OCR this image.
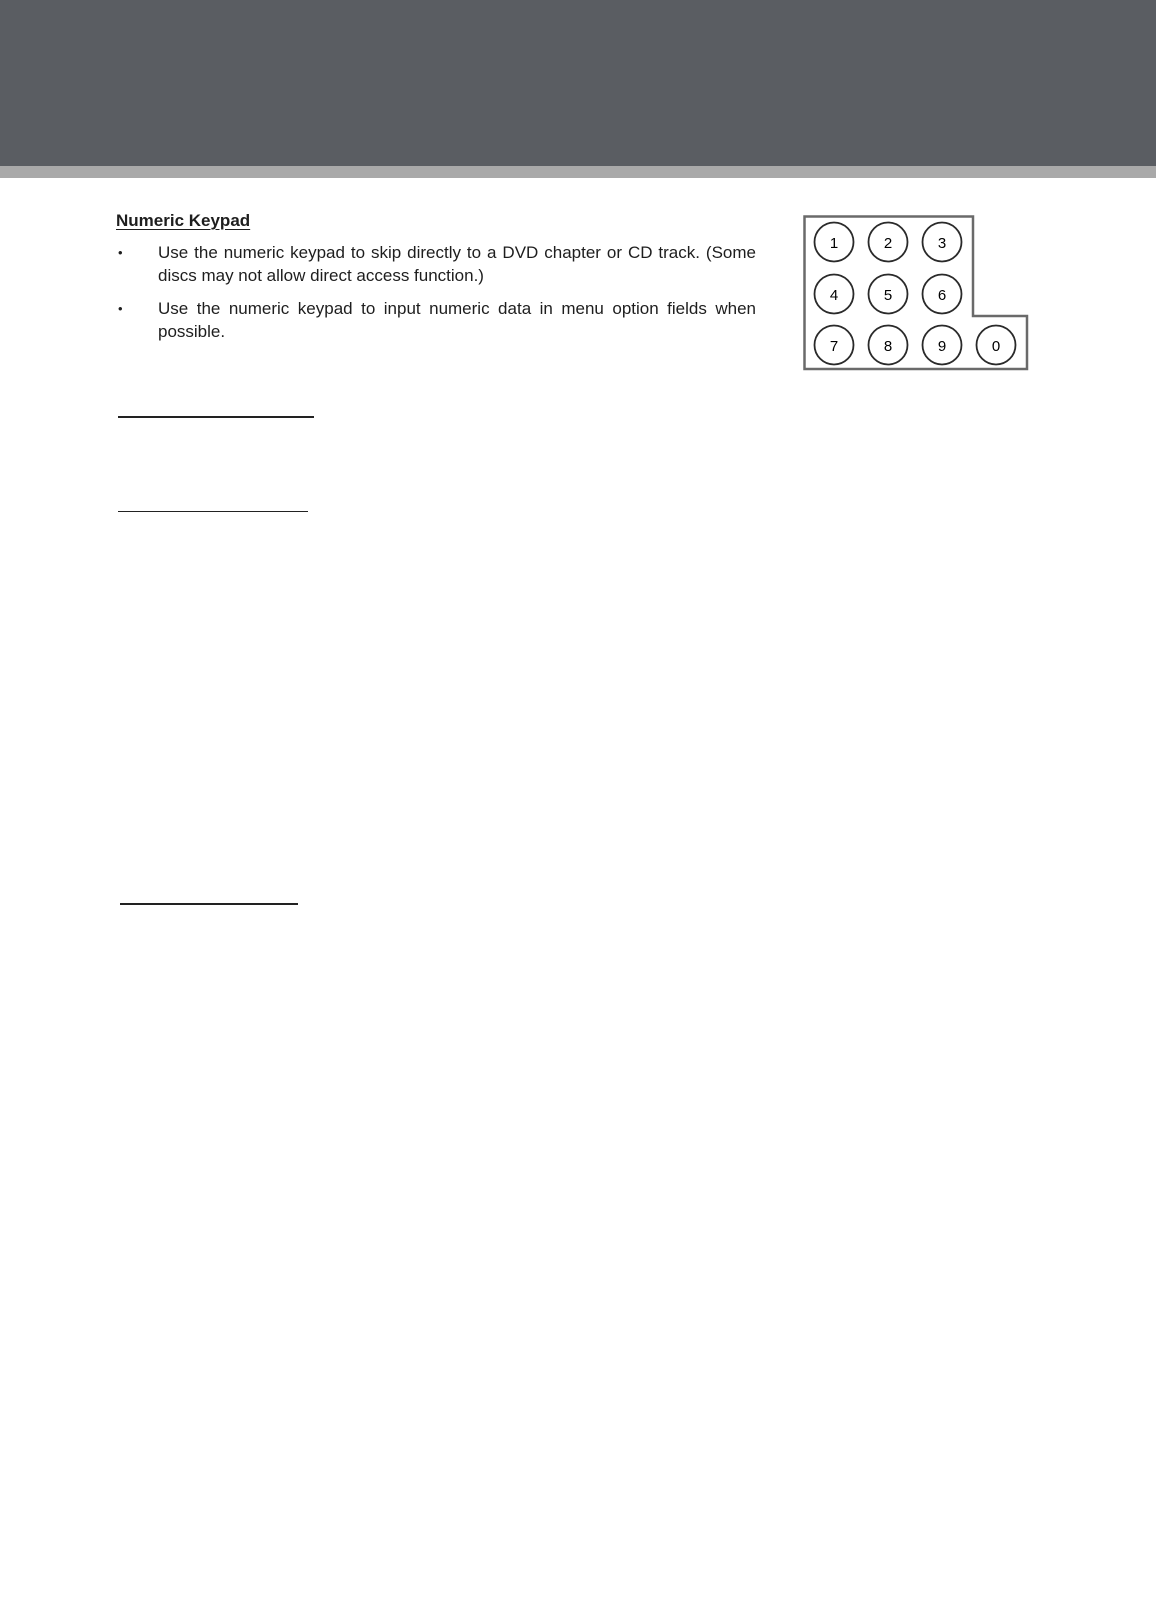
Numeric Keypad
• Use the numeric keypad to skip directly to a DVD chapter or CD track. (Some discs may not allow direct access function.)
• Use the numeric keypad to input numeric data in menu option fields when possible.
1	2	3
4	5	6
7	8	9	0
